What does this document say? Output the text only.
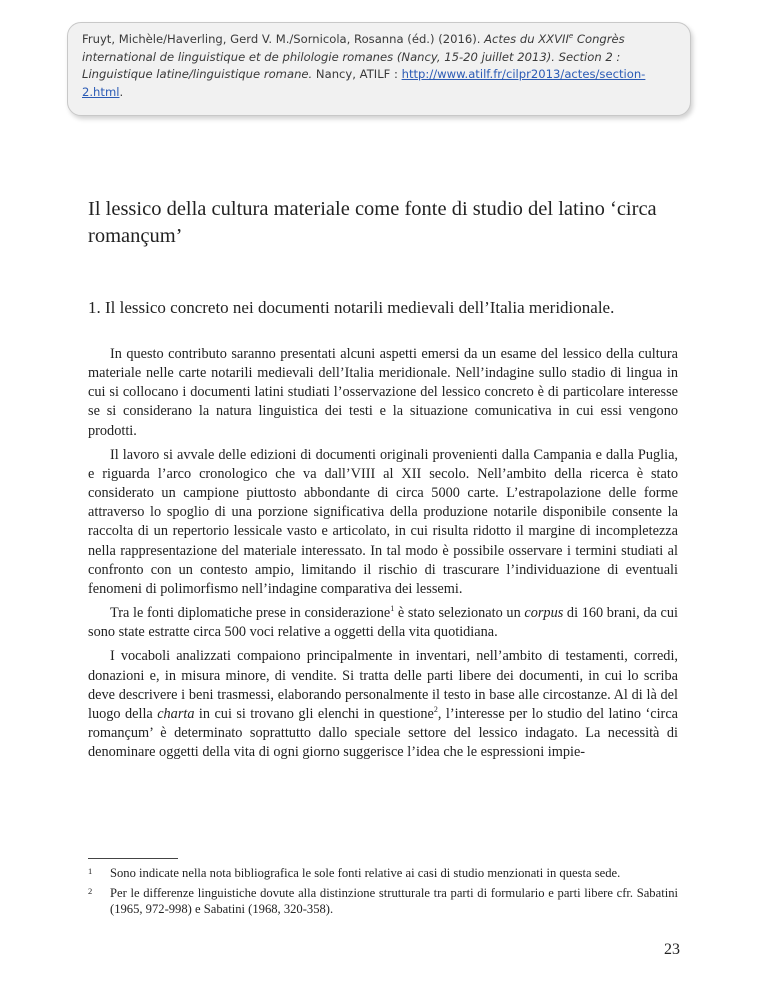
Fruyt, Michèle/Haverling, Gerd V. M./Sornicola, Rosanna (éd.) (2016). Actes du XXVIIe Congrès international de linguistique et de philologie romanes (Nancy, 15-20 juillet 2013). Section 2 : Linguistique latine/linguistique romane. Nancy, ATILF : http://www.atilf.fr/cilpr2013/actes/section-2.html.
Il lessico della cultura materiale come fonte di studio del latino ‘circa romançum’
1. Il lessico concreto nei documenti notarili medievali dell’Italia meridionale.

In questo contributo saranno presentati alcuni aspetti emersi da un esame del lessico della cultura materiale nelle carte notarili medievali dell’Italia meridionale. Nell’indagine sullo stadio di lingua in cui si collocano i documenti latini studiati l’osservazione del lessico concreto è di particolare interesse se si considerano la natura linguistica dei testi e la situazione comunicativa in cui essi vengono prodotti.

Il lavoro si avvale delle edizioni di documenti originali provenienti dalla Campania e dalla Puglia, e riguarda l’arco cronologico che va dall’VIII al XII secolo. Nell’ambito della ricerca è stato considerato un campione piuttosto abbondante di circa 5000 carte. L’estrapolazione delle forme attraverso lo spoglio di una porzione significativa della produzione notarile disponibile consente la raccolta di un repertorio lessicale vasto e articolato, in cui risulta ridotto il margine di incompletezza nella rappresentazione del materiale interessato. In tal modo è possibile osservare i termini studiati al confronto con un contesto ampio, limitando il rischio di trascurare l’individuazione di eventuali fenomeni di polimorfismo nell’indagine comparativa dei lessemi.

Tra le fonti diplomatiche prese in considerazione$^1$ è stato selezionato un corpus di 160 brani, da cui sono state estratte circa 500 voci relative a oggetti della vita quotidiana.

I vocaboli analizzati compaiono principalmente in inventari, nell’ambito di testamenti, corredi, donazioni e, in misura minore, di vendite. Si tratta delle parti libere dei documenti, in cui lo scriba deve descrivere i beni trasmessi, elaborando personalmente il testo in base alle circostanze. Al di là del luogo della charta in cui si trovano gli elenchi in questione$^2$, l’interesse per lo studio del latino ‘circa romançum’ è determinato soprattutto dallo speciale settore del lessico indagato. La necessità di denominare oggetti della vita di ogni giorno suggerisce l’idea che le espressioni impie-

1	Sono indicate nella nota bibliografica le sole fonti relative ai casi di studio menzionati in questa sede.
2	Per le differenze linguistiche dovute alla distinzione strutturale tra parti di formulario e parti libere cfr. Sabatini (1965, 972-998) e Sabatini (1968, 320-358).
23
